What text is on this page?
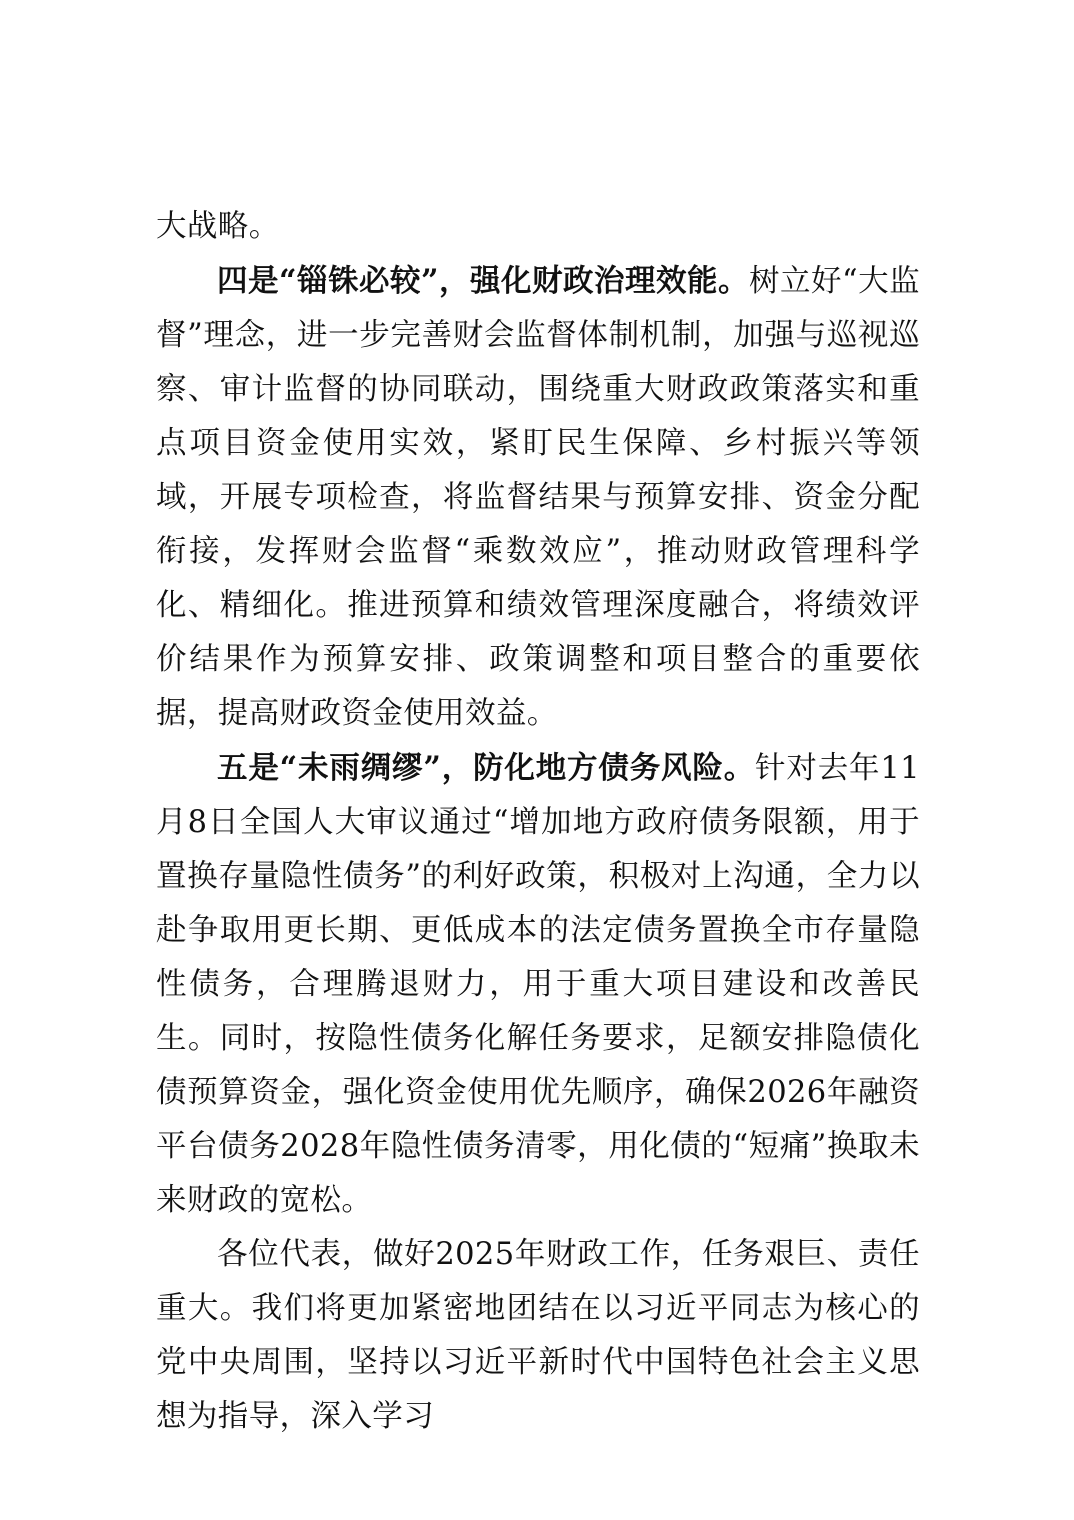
大战略。

四是“锱铢必较”，强化财政治理效能。树立好“大监督”理念，进一步完善财会监督体制机制，加强与巡视巡察、审计监督的协同联动，围绕重大财政政策落实和重点项目资金使用实效，紧盯民生保障、乡村振兴等领域，开展专项检查，将监督结果与预算安排、资金分配衔接，发挥财会监督“乘数效应”，推动财政管理科学化、精细化。推进预算和绩效管理深度融合，将绩效评价结果作为预算安排、政策调整和项目整合的重要依据，提高财政资金使用效益。

五是“未雨绸缪”，防化地方债务风险。针对去年11月8日全国人大审议通过“增加地方政府债务限额，用于置换存量隐性债务”的利好政策，积极对上沟通，全力以赴争取用更长期、更低成本的法定债务置换全市存量隐性债务，合理腾退财力，用于重大项目建设和改善民生。同时，按隐性债务化解任务要求，足额安排隐债化债预算资金，强化资金使用优先顺序，确保2026年融资平台债务2028年隐性债务清零，用化债的“短痛”换取未来财政的宽松。

各位代表，做好2025年财政工作，任务艰巨、责任重大。我们将更加紧密地团结在以习近平同志为核心的党中央周围，坚持以习近平新时代中国特色社会主义思想为指导，深入学习
